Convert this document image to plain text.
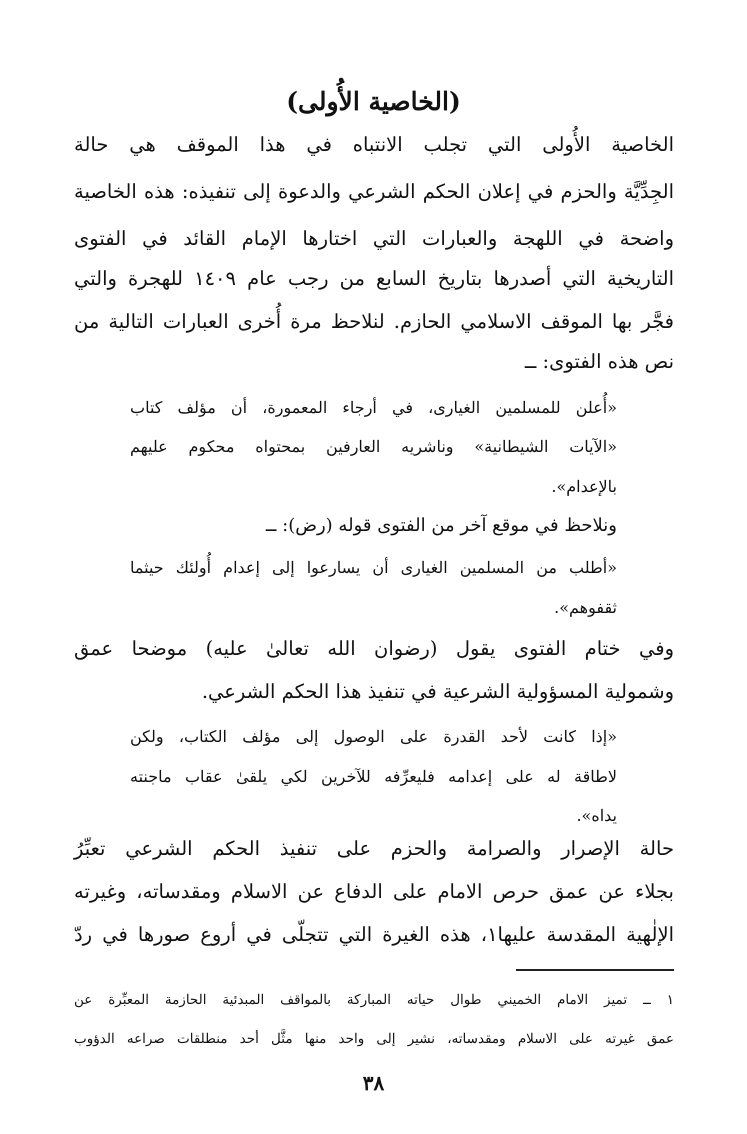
(الخاصية الأُولى)
الخاصية الأُولى التي تجلب الانتباه في هذا الموقف هي حالة
الجِدِّيَّة والحزم في إعلان الحكم الشرعي والدعوة إلى تنفيذه: هذه الخاصية
واضحة في اللهجة والعبارات التي اختارها الإمام القائد في الفتوى
التاريخية التي أصدرها بتاريخ السابع من رجب عام ١٤٠٩ للهجرة والتي
فجَّر بها الموقف الاسلامي الحازم. لنلاحظ مرة أُخرى العبارات التالية من
نص هذه الفتوى: ــ
«أُعلن للمسلمين الغيارى، في أرجاء المعمورة، أن مؤلف كتاب
«الآيات الشيطانية» وناشريه العارفين بمحتواه محكوم عليهم
بالإعدام».
ونلاحظ في موقع آخر من الفتوى قوله (رض): ــ
«أطلب من المسلمين الغيارى أن يسارعوا إلى إعدام أُولئك حيثما
ثقفوهم».
وفي ختام الفتوى يقول (رضوان الله تعالىٰ عليه) موضحا عمق
وشمولية المسؤولية الشرعية في تنفيذ هذا الحكم الشرعي.
«إذا كانت لأحد القدرة على الوصول إلى مؤلف الكتاب، ولكن
لاطاقة له على إعدامه فليعرِّفه للآخرين لكي يلقىٰ عقاب ماجنته
يداه».
حالة الإصرار والصرامة والحزم على تنفيذ الحكم الشرعي تعبِّرُ
بجلاء عن عمق حرص الامام على الدفاع عن الاسلام ومقدساته، وغيرته
الإلٰهية المقدسة عليها١، هذه الغيرة التي تتجلّى في أروع صورها في ردّ
١ ــ تميز الامام الخميني طوال حياته المباركة بالمواقف المبدئية الحازمة المعبِّرة عن
عمق غيرته على الاسلام ومقدساته، نشير إلى واحد منها مثَّل أحد منطلقات صراعه الدؤوب
٣٨
